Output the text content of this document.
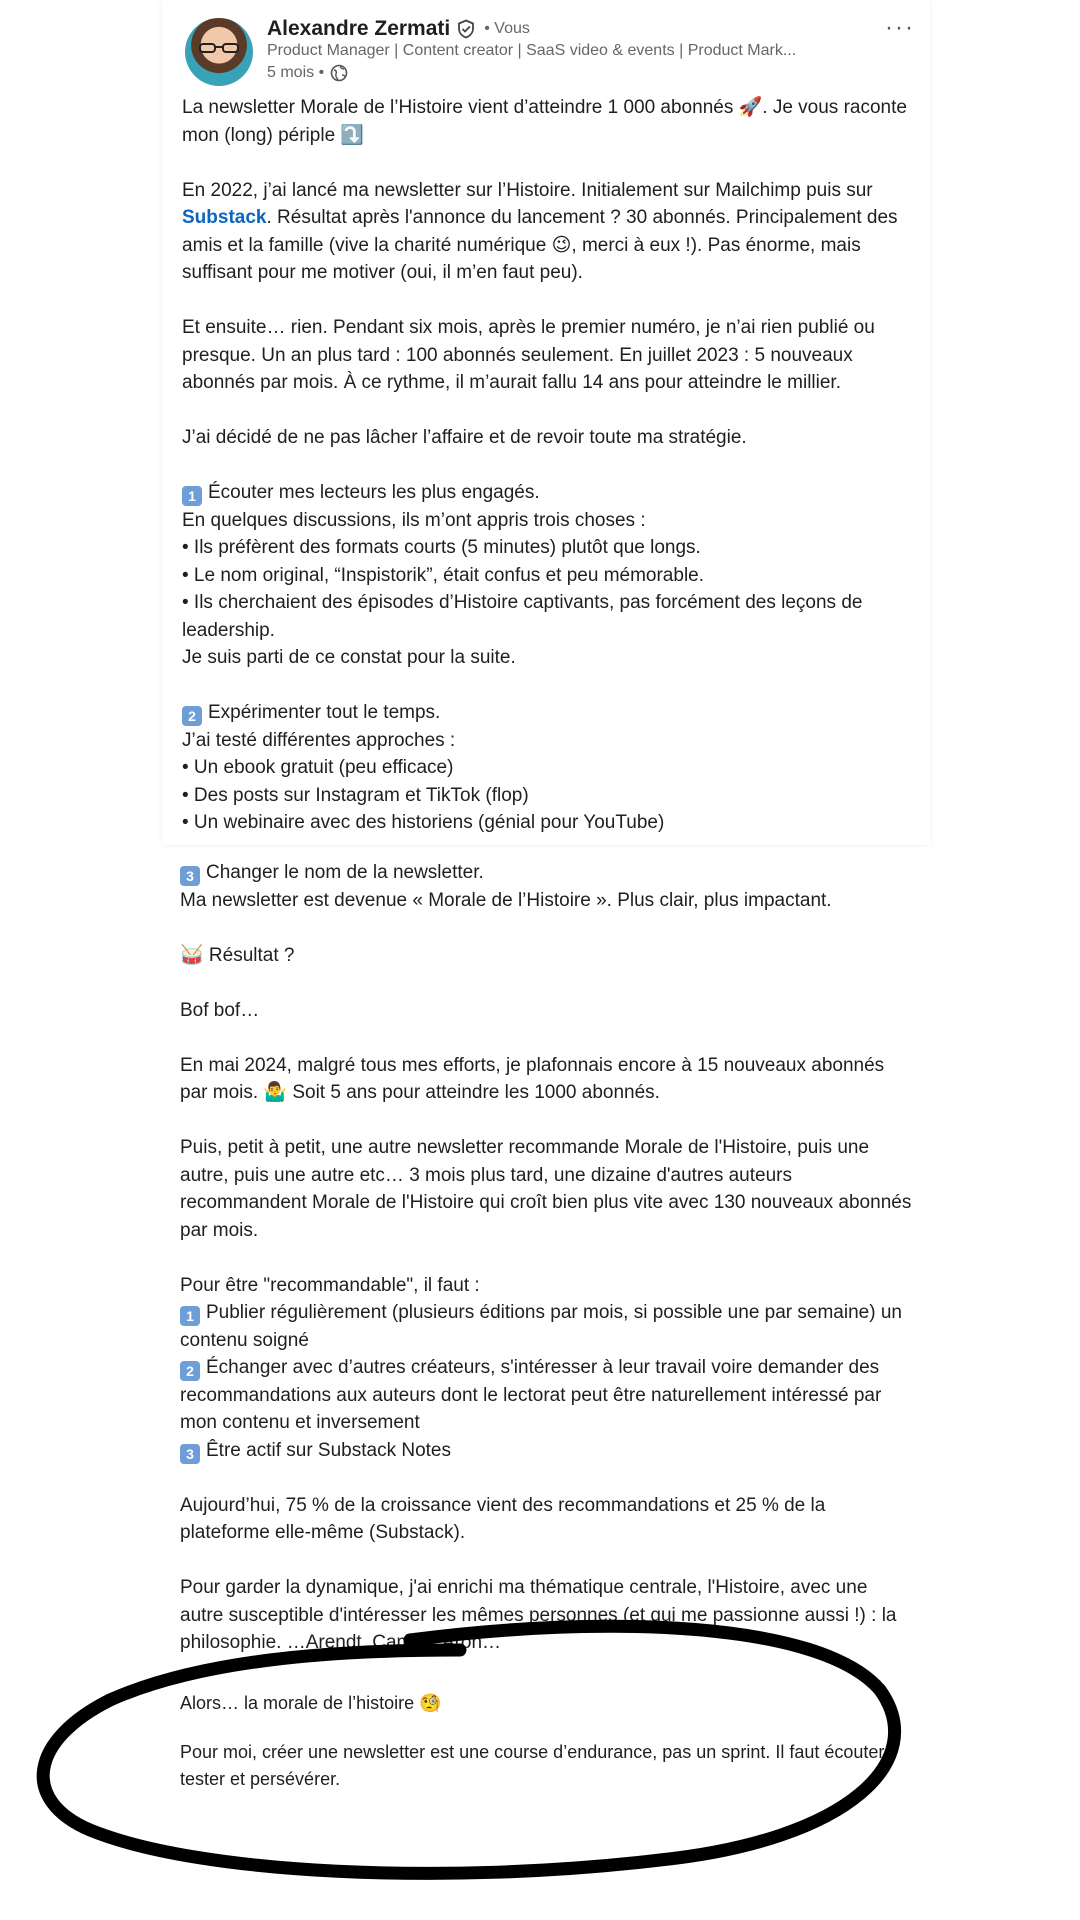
Alexandre Zermati • Vous
Product Manager | Content creator | SaaS video & events | Product Mark...
5 mois •
···

La newsletter Morale de l’Histoire vient d’atteindre 1 000 abonnés 🚀. Je vous raconte mon (long) périple ⤵️

En 2022, j’ai lancé ma newsletter sur l’Histoire. Initialement sur Mailchimp puis sur Substack. Résultat après l'annonce du lancement ? 30 abonnés. Principalement des amis et la famille (vive la charité numérique 😉, merci à eux !). Pas énorme, mais suffisant pour me motiver (oui, il m’en faut peu).

Et ensuite… rien. Pendant six mois, après le premier numéro, je n’ai rien publié ou presque. Un an plus tard : 100 abonnés seulement. En juillet 2023 : 5 nouveaux abonnés par mois. À ce rythme, il m’aurait fallu 14 ans pour atteindre le millier.

J’ai décidé de ne pas lâcher l’affaire et de revoir toute ma stratégie.

1 Écouter mes lecteurs les plus engagés.

En quelques discussions, ils m’ont appris trois choses :

• Ils préfèrent des formats courts (5 minutes) plutôt que longs.

• Le nom original, “Inspistorik”, était confus et peu mémorable.

• Ils cherchaient des épisodes d’Histoire captivants, pas forcément des leçons de leadership.

Je suis parti de ce constat pour la suite.

2 Expérimenter tout le temps.

J’ai testé différentes approches :

• Un ebook gratuit (peu efficace)

• Des posts sur Instagram et TikTok (flop)

• Un webinaire avec des historiens (génial pour YouTube)

3 Changer le nom de la newsletter.

Ma newsletter est devenue « Morale de l’Histoire ». Plus clair, plus impactant.

🥁 Résultat ?

Bof bof…

En mai 2024, malgré tous mes efforts, je plafonnais encore à 15 nouveaux abonnés par mois. 🤷‍♂️ Soit 5 ans pour atteindre les 1000 abonnés.

Puis, petit à petit, une autre newsletter recommande Morale de l'Histoire, puis une autre, puis une autre etc… 3 mois plus tard, une dizaine d'autres auteurs recommandent Morale de l'Histoire qui croît bien plus vite avec 130 nouveaux abonnés par mois.

Pour être "recommandable", il faut :

1 Publier régulièrement (plusieurs éditions par mois, si possible une par semaine) un contenu soigné

2 Échanger avec d’autres créateurs, s'intéresser à leur travail voire demander des recommandations aux auteurs dont le lectorat peut être naturellement intéressé par mon contenu et inversement

3 Être actif sur Substack Notes

Aujourd’hui, 75 % de la croissance vient des recommandations et 25 % de la plateforme elle-même (Substack).

Pour garder la dynamique, j'ai enrichi ma thématique centrale, l'Histoire, avec une autre susceptible d'intéresser les mêmes personnes (et qui me passionne aussi !) : la philosophie. …Arendt, Camus, Aron…

Alors… la morale de l’histoire 🧐

Pour moi, créer une newsletter est une course d’endurance, pas un sprint. Il faut écouter, tester et persévérer.
